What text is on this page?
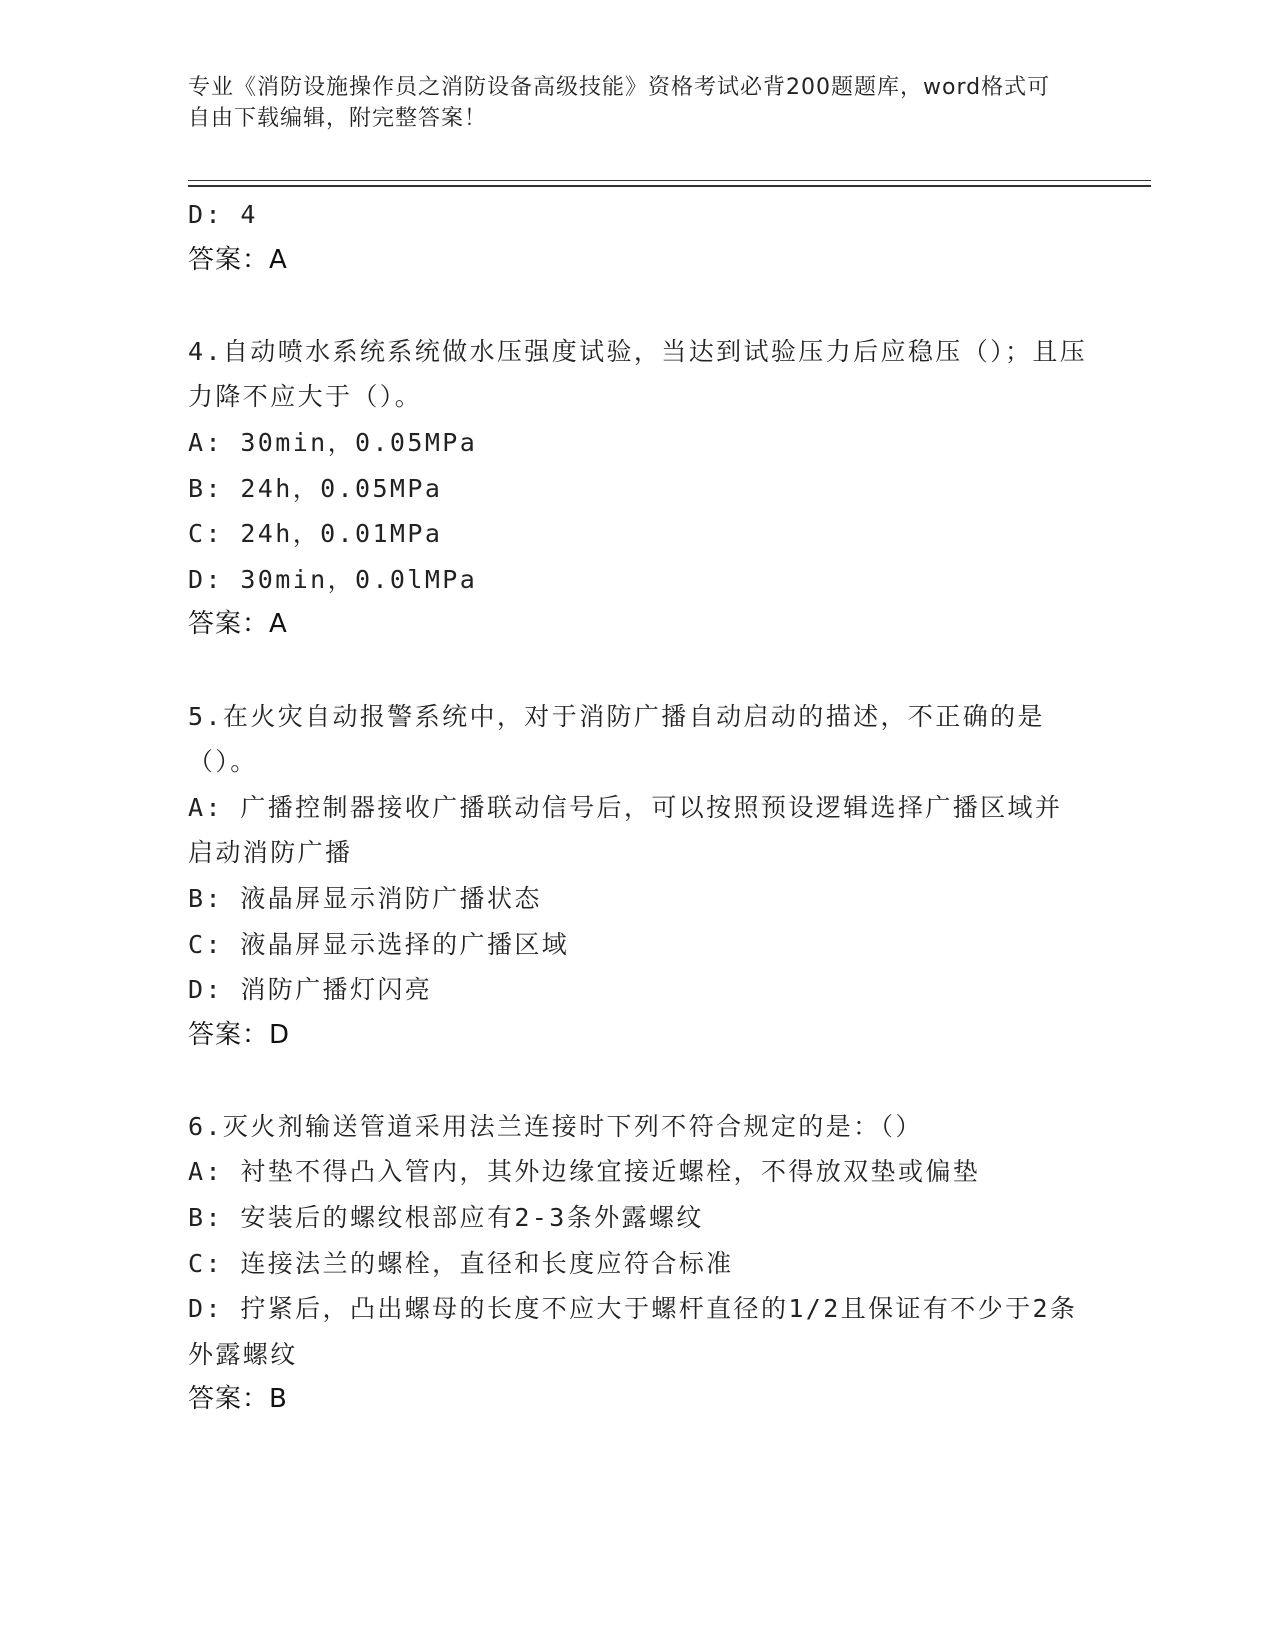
专业《消防设施操作员之消防设备高级技能》资格考试必背200题题库，word格式可自由下载编辑，附完整答案！
D: 4
答案：A
4.自动喷水系统系统做水压强度试验，当达到试验压力后应稳压（）；且压力降不应大于（）。
A: 30min，0.05MPa
B: 24h，0.05MPa
C: 24h，0.01MPa
D: 30min，0.0lMPa
答案：A
5.在火灾自动报警系统中，对于消防广播自动启动的描述，不正确的是（）。
A: 广播控制器接收广播联动信号后，可以按照预设逻辑选择广播区域并启动消防广播
B: 液晶屏显示消防广播状态
C: 液晶屏显示选择的广播区域
D: 消防广播灯闪亮
答案：D
6.灭火剂输送管道采用法兰连接时下列不符合规定的是：（）
A: 衬垫不得凸入管内，其外边缘宜接近螺栓，不得放双垫或偏垫
B: 安装后的螺纹根部应有2-3条外露螺纹
C: 连接法兰的螺栓，直径和长度应符合标准
D: 拧紧后，凸出螺母的长度不应大于螺杆直径的1/2且保证有不少于2条外露螺纹
答案：B
